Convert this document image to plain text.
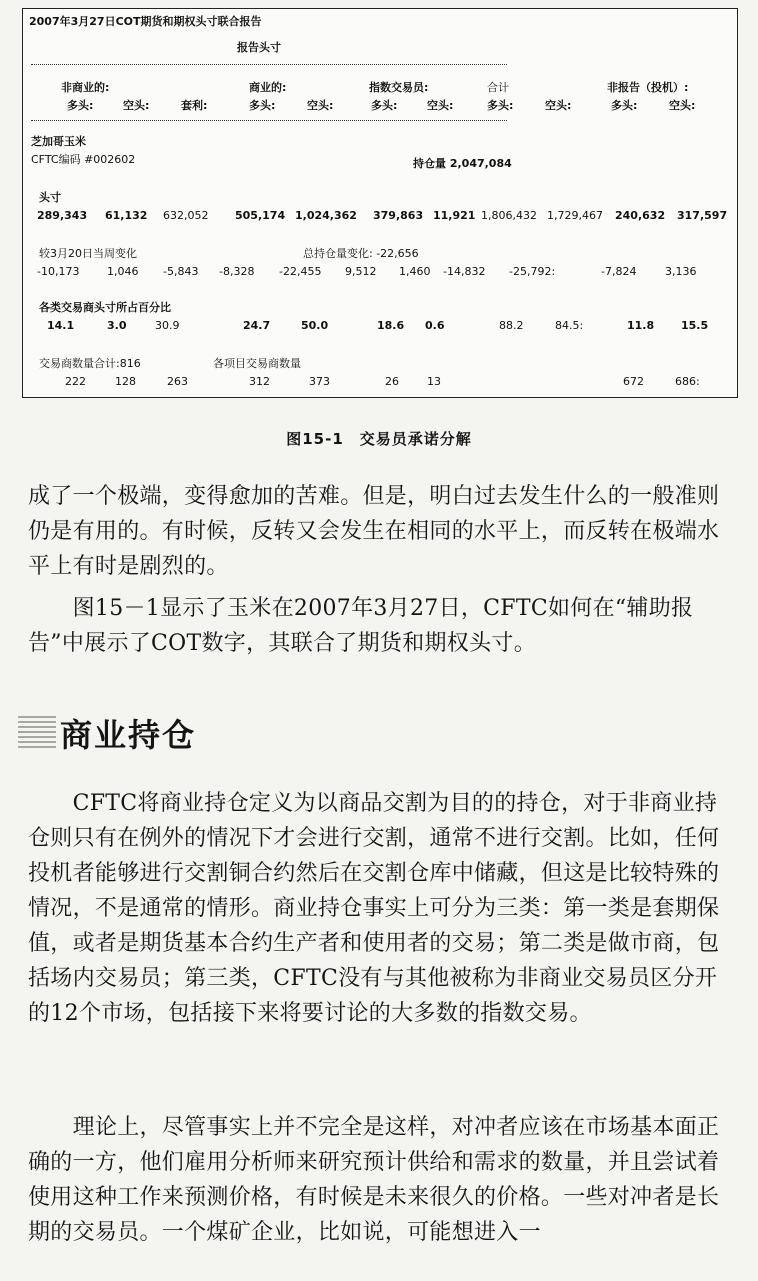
2007年3月27日COT期货和期权头寸联合报告
报告头寸
非商业的:	商业的:	指数交易员:	合计	非报告（投机）:
多头:	空头:	套利:	多头:	空头:	多头:	空头:	多头:	空头:	多头:	空头:
芝加哥玉米
CFTC编码 #002602	持仓量 2,047,084
头寸
289,343 61,132 632,052 505,174 1,024,362 379,863 11,921 1,806,432 1,729,467 240,632 317,597
较3月20日当周变化	总持仓量变化: -22,656
-10,173	1,046 -5,843 -8,328 -22,455 9,512 1,460 -14,832 -25,792:	-7,824	3,136
各类交易商头寸所占百分比
14.1	3.0	30.9	24.7	50.0	18.6 0.6	88.2	84.5:	11.8 15.5
交易商数量合计:816	各项目交易商数量
222	128	263	312	373	26	13	672	686:
图15-1　交易员承诺分解
成了一个极端，变得愈加的苦难。但是，明白过去发生什么的一般准则仍是有用的。有时候，反转又会发生在相同的水平上，而反转在极端水平上有时是剧烈的。
　　图15－1显示了玉米在2007年3月27日，CFTC如何在“辅助报告”中展示了COT数字，其联合了期货和期权头寸。
商业持仓
　　CFTC将商业持仓定义为以商品交割为目的的持仓，对于非商业持仓则只有在例外的情况下才会进行交割，通常不进行交割。比如，任何投机者能够进行交割铜合约然后在交割仓库中储藏，但这是比较特殊的情况，不是通常的情形。商业持仓事实上可分为三类：第一类是套期保值，或者是期货基本合约生产者和使用者的交易；第二类是做市商，包括场内交易员；第三类，CFTC没有与其他被称为非商业交易员区分开的12个市场，包括接下来将要讨论的大多数的指数交易。
　　理论上，尽管事实上并不完全是这样，对冲者应该在市场基本面正确的一方，他们雇用分析师来研究预计供给和需求的数量，并且尝试着使用这种工作来预测价格，有时候是未来很久的价格。一些对冲者是长期的交易员。一个煤矿企业，比如说，可能想进入一
